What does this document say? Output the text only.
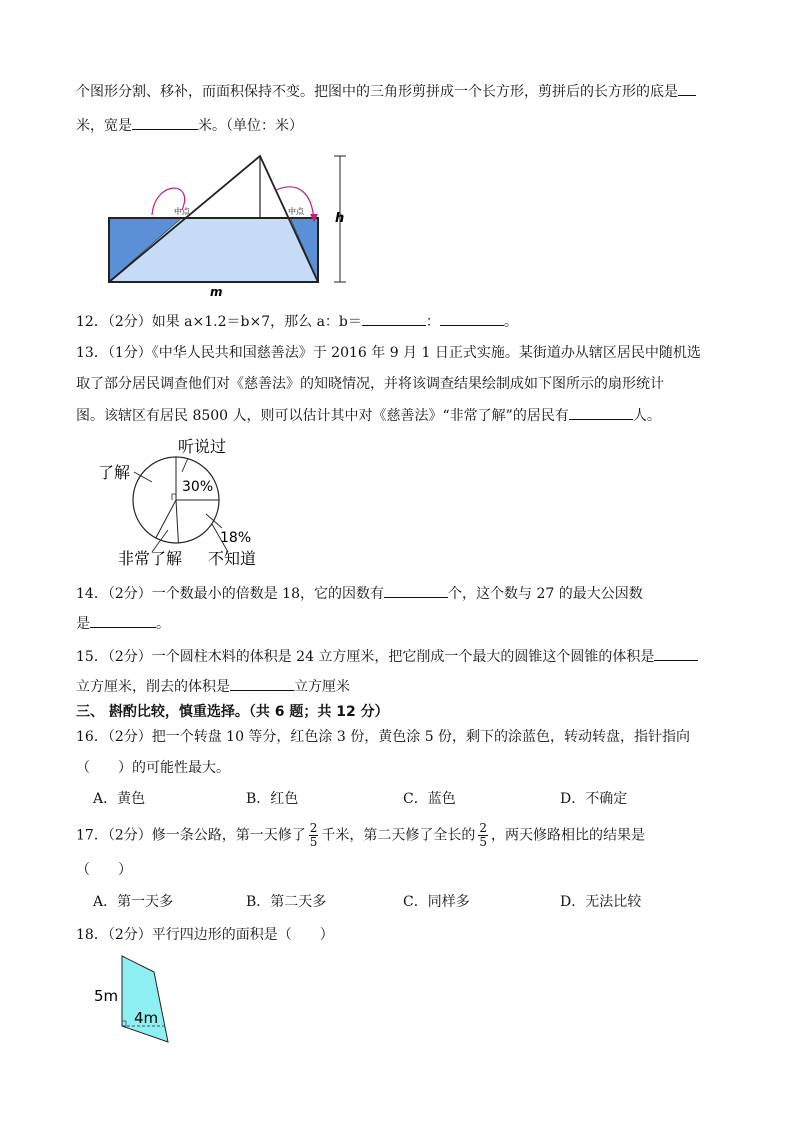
个图形分割、移补，而面积保持不变。把图中的三角形剪拼成一个长方形，剪拼后的长方形的底是
米，宽是	米。（单位：米）
中点	中点 h
m
12．（2分）如果 a×1.2＝b×7，那么 a：b＝	：	。
13．（1分）《中华人民共和国慈善法》于 2016 年 9 月 1 日正式实施。某街道办从辖区居民中随机选
取了部分居民调查他们对《慈善法》的知晓情况，并将该调查结果绘制成如下图所示的扇形统计
图。该辖区有居民 8500 人，则可以估计其中对《慈善法》“非常了解”的居民有	人。
30%
18%
听说过
了解
非常了解 不知道
14．（2分）一个数最小的倍数是 18，它的因数有	个，这个数与 27 的最大公因数
是	。
15．（2分）一个圆柱木料的体积是 24 立方厘米，把它削成一个最大的圆锥这个圆锥的体积是
立方厘米，削去的体积是	立方厘米
三、 斟酌比较，慎重选择。（共 6 题；共 12 分）
16．（2分）把一个转盘 10 等分，红色涂 3 份，黄色涂 5 份，剩下的涂蓝色，转动转盘，指针指向
（　　）的可能性最大。
A．黄色	B．红色	C．蓝色	D．不确定
17．（2分）修一条公路，第一天修了 $\frac{2}{5}$ 千米，第二天修了全长的 $\frac{2}{5}$ ，两天修路相比的结果是
（　　）
A．第一天多	B．第二天多	C．同样多	D．无法比较
18．（2分）平行四边形的面积是（　　）
5m
4m
